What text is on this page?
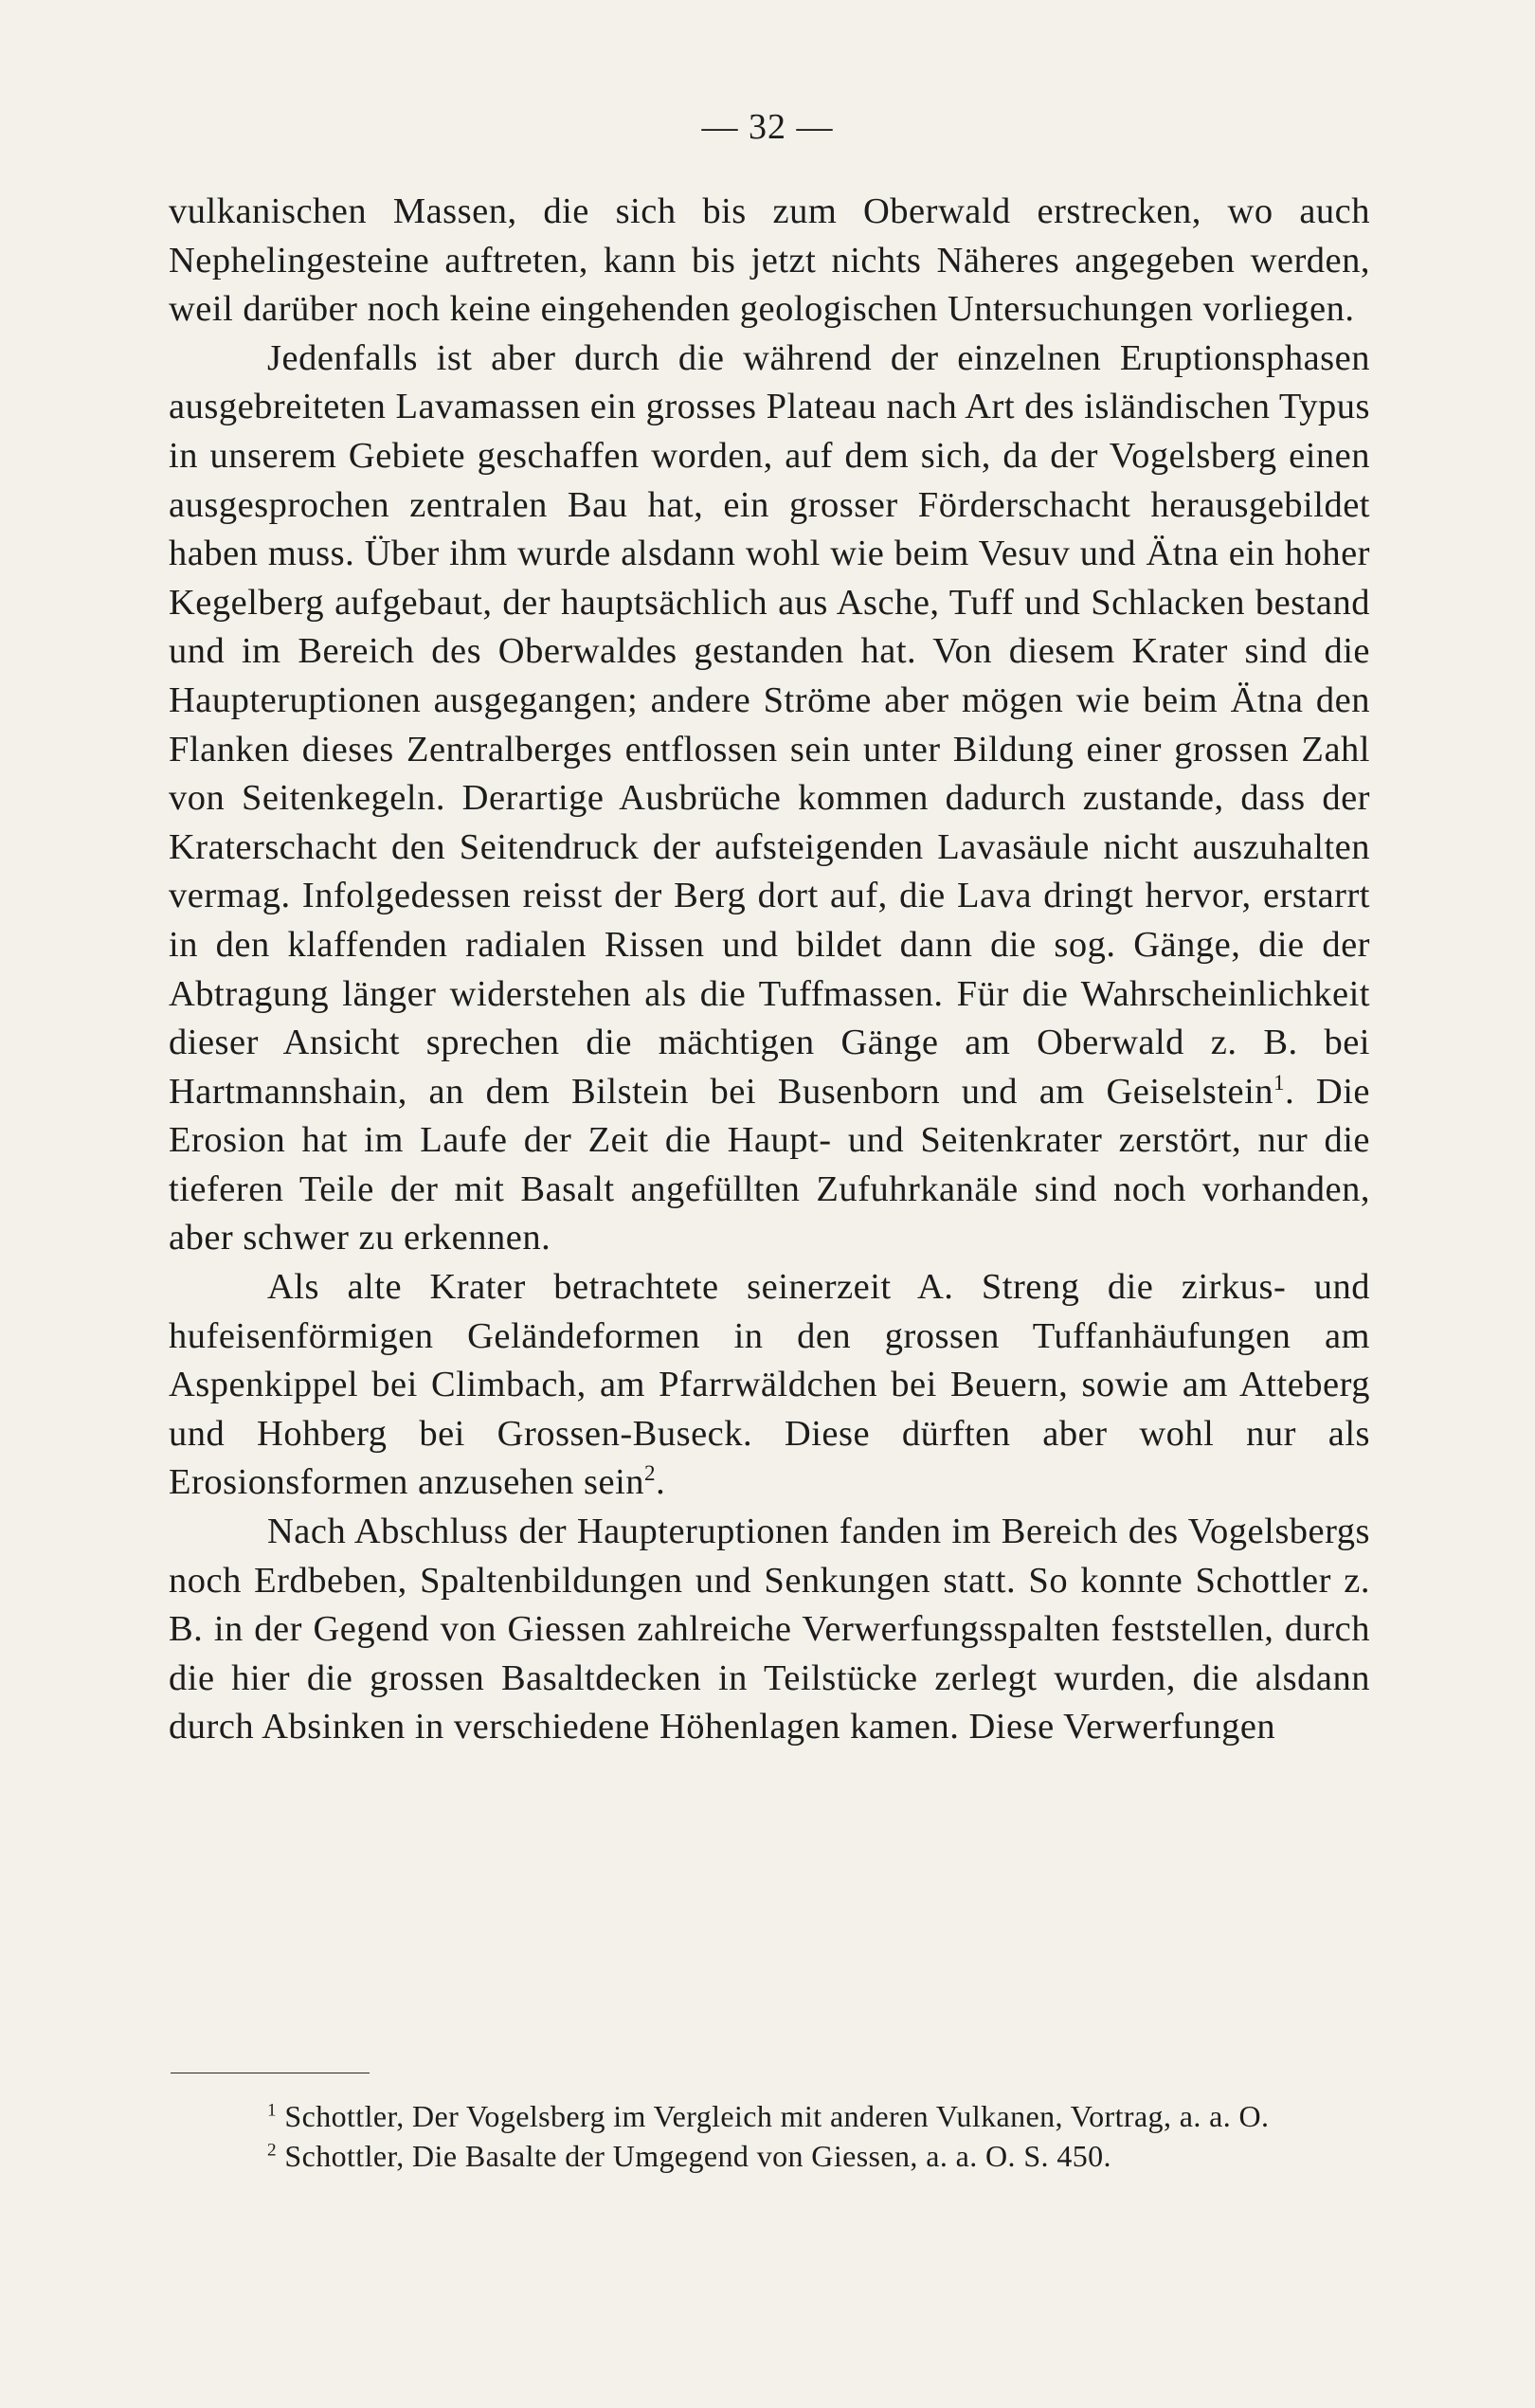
— 32 —

vulkanischen Massen, die sich bis zum Oberwald erstrecken, wo auch Nephelingesteine auftreten, kann bis jetzt nichts Näheres angegeben werden, weil darüber noch keine eingehenden geologischen Untersuchungen vorliegen.

Jedenfalls ist aber durch die während der einzelnen Eruptionsphasen ausgebreiteten Lavamassen ein grosses Plateau nach Art des isländischen Typus in unserem Gebiete geschaffen worden, auf dem sich, da der Vogelsberg einen ausgesprochen zentralen Bau hat, ein grosser Förderschacht herausgebildet haben muss. Über ihm wurde alsdann wohl wie beim Vesuv und Ätna ein hoher Kegelberg aufgebaut, der hauptsächlich aus Asche, Tuff und Schlacken bestand und im Bereich des Oberwaldes gestanden hat. Von diesem Krater sind die Haupteruptionen ausgegangen; andere Ströme aber mögen wie beim Ätna den Flanken dieses Zentralberges entflossen sein unter Bildung einer grossen Zahl von Seitenkegeln. Derartige Ausbrüche kommen dadurch zustande, dass der Kraterschacht den Seitendruck der aufsteigenden Lavasäule nicht auszuhalten vermag. Infolgedessen reisst der Berg dort auf, die Lava dringt hervor, erstarrt in den klaffenden radialen Rissen und bildet dann die sog. Gänge, die der Abtragung länger widerstehen als die Tuffmassen. Für die Wahrscheinlichkeit dieser Ansicht sprechen die mächtigen Gänge am Oberwald z. B. bei Hartmannshain, an dem Bilstein bei Busenborn und am Geiselstein$^1$. Die Erosion hat im Laufe der Zeit die Haupt- und Seitenkrater zerstört, nur die tieferen Teile der mit Basalt angefüllten Zufuhrkanäle sind noch vorhanden, aber schwer zu erkennen.

Als alte Krater betrachtete seinerzeit A. Streng die zirkus- und hufeisenförmigen Geländeformen in den grossen Tuffanhäufungen am Aspenkippel bei Climbach, am Pfarrwäldchen bei Beuern, sowie am Atteberg und Hohberg bei Grossen-Buseck. Diese dürften aber wohl nur als Erosionsformen anzusehen sein$^2$.

Nach Abschluss der Haupteruptionen fanden im Bereich des Vogelsbergs noch Erdbeben, Spaltenbildungen und Senkungen statt. So konnte Schottler z. B. in der Gegend von Giessen zahlreiche Verwerfungsspalten feststellen, durch die hier die grossen Basaltdecken in Teilstücke zerlegt wurden, die alsdann durch Absinken in verschiedene Höhenlagen kamen. Diese Verwerfungen

$^1$ Schottler, Der Vogelsberg im Vergleich mit anderen Vulkanen, Vortrag, a. a. O.

$^2$ Schottler, Die Basalte der Umgegend von Giessen, a. a. O. S. 450.
